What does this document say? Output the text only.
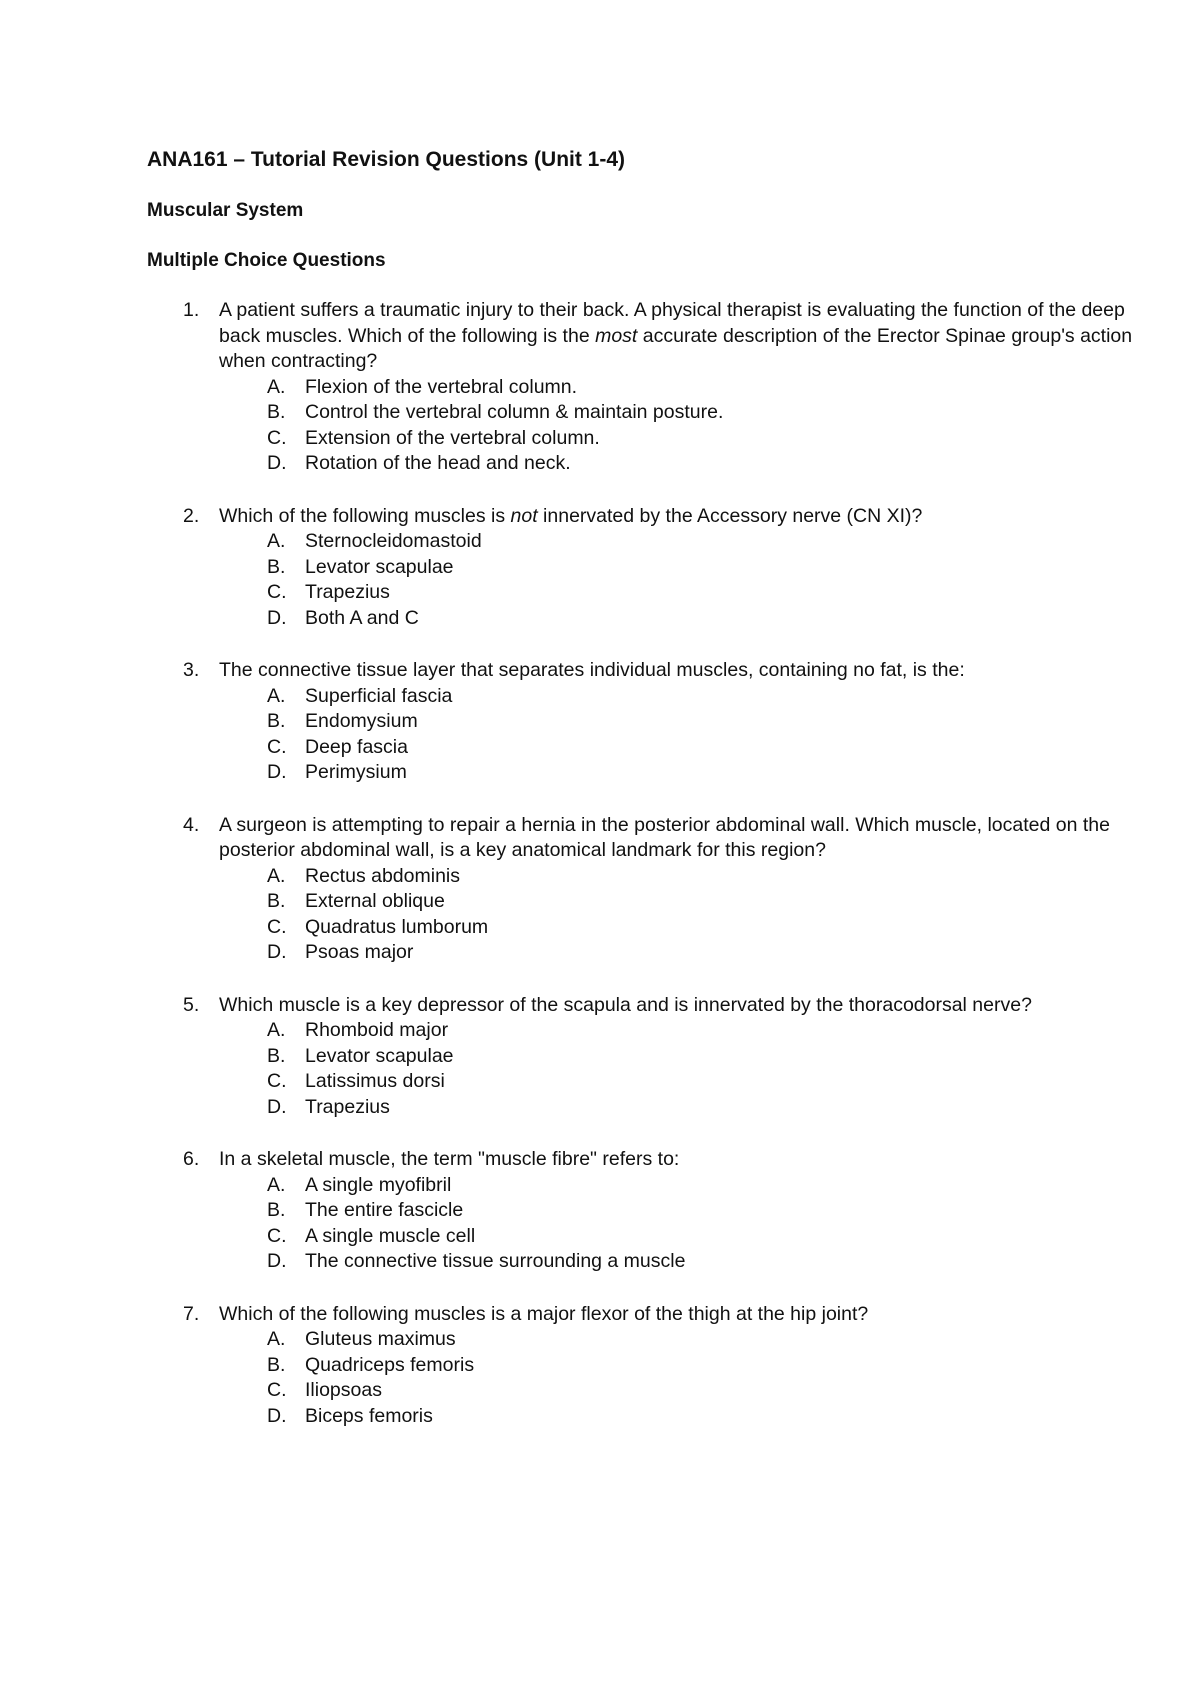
ANA161 – Tutorial Revision Questions (Unit 1-4)
Muscular System
Multiple Choice Questions
1. A patient suffers a traumatic injury to their back. A physical therapist is evaluating the function of the deep back muscles. Which of the following is the most accurate description of the Erector Spinae group's action when contracting?
A. Flexion of the vertebral column.
B. Control the vertebral column & maintain posture.
C. Extension of the vertebral column.
D. Rotation of the head and neck.
2. Which of the following muscles is not innervated by the Accessory nerve (CN XI)?
A. Sternocleidomastoid
B. Levator scapulae
C. Trapezius
D. Both A and C
3. The connective tissue layer that separates individual muscles, containing no fat, is the:
A. Superficial fascia
B. Endomysium
C. Deep fascia
D. Perimysium
4. A surgeon is attempting to repair a hernia in the posterior abdominal wall. Which muscle, located on the posterior abdominal wall, is a key anatomical landmark for this region?
A. Rectus abdominis
B. External oblique
C. Quadratus lumborum
D. Psoas major
5. Which muscle is a key depressor of the scapula and is innervated by the thoracodorsal nerve?
A. Rhomboid major
B. Levator scapulae
C. Latissimus dorsi
D. Trapezius
6. In a skeletal muscle, the term "muscle fibre" refers to:
A. A single myofibril
B. The entire fascicle
C. A single muscle cell
D. The connective tissue surrounding a muscle
7. Which of the following muscles is a major flexor of the thigh at the hip joint?
A. Gluteus maximus
B. Quadriceps femoris
C. Iliopsoas
D. Biceps femoris
